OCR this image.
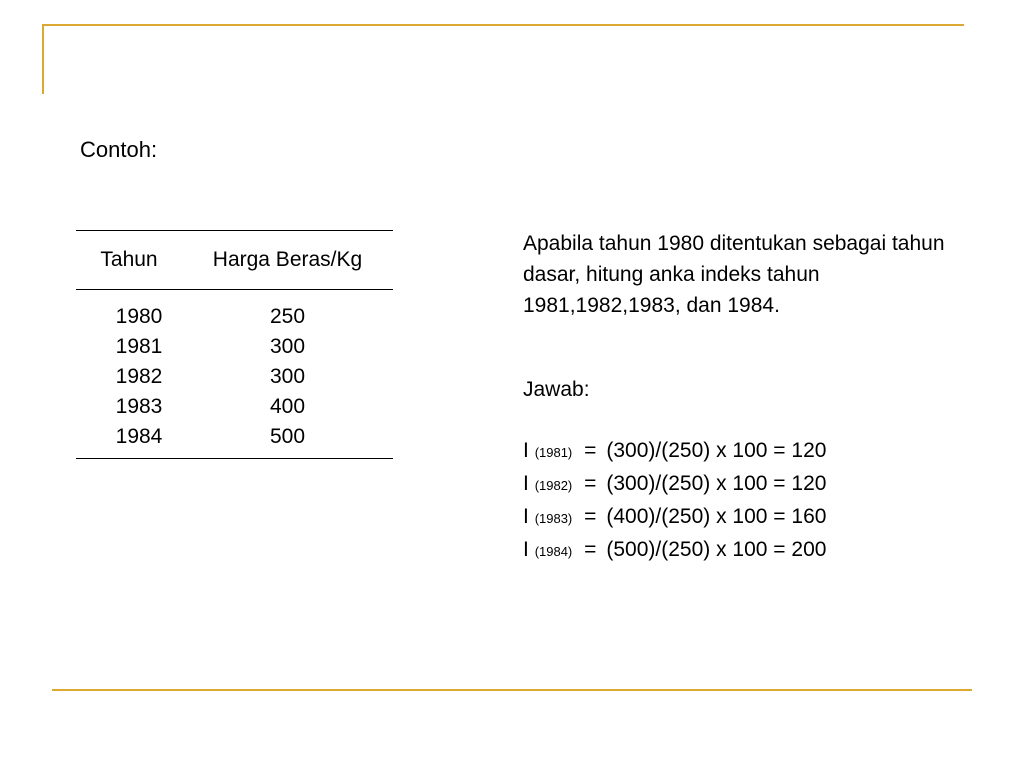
Contoh:
Tahun	Harga Beras/Kg
1980	250
1981	300
1982	300
1983	400
1984	500
Apabila tahun 1980 ditentukan sebagai tahun dasar, hitung anka indeks tahun 1981,1982,1983, dan 1984.
Jawab:
I (1981) = (300)/(250) x 100 = 120
I (1982) = (300)/(250) x 100 = 120
I (1983) = (400)/(250) x 100 = 160
I (1984) = (500)/(250) x 100 = 200
